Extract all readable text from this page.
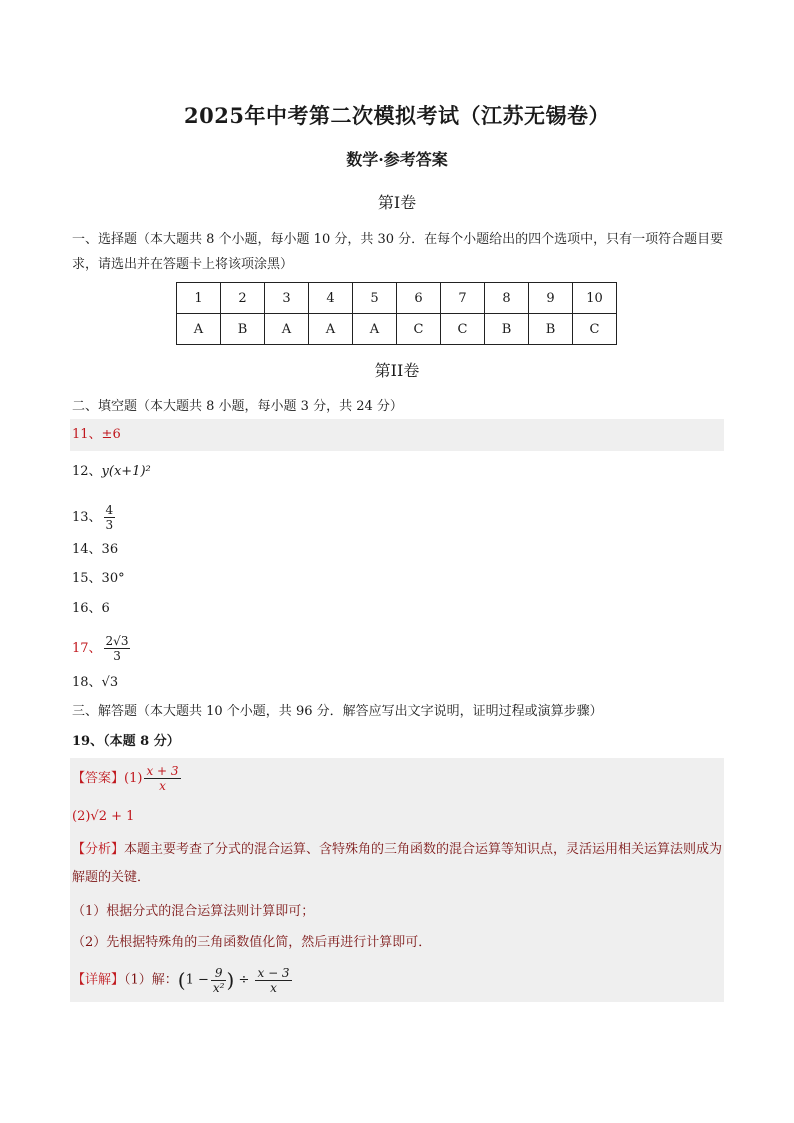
2025年中考第二次模拟考试（江苏无锡卷）
数学·参考答案
第Ⅰ卷
一、选择题（本大题共 8 个小题，每小题 10 分，共 30 分．在每个小题给出的四个选项中，只有一项符合题目要求，请选出并在答题卡上将该项涂黑）
1	2	3	4	5	6	7	8	9	10
A	B	A	A	A	C	C	B	B	C
第II卷
二、填空题（本大题共 8 小题，每小题 3 分，共 24 分）
11、±6
12、y(x+1)²
13、 $\frac{4}{3}$
14、36
15、30°
16、6
17、 $\frac{2√3}{3}$
18、√3
三、解答题（本大题共 10 个小题，共 96 分．解答应写出文字说明，证明过程或演算步骤）
19、（本题 8 分）
【答案】$(1) \frac{x + 3}{x}$
(2)√2 + 1
【分析】本题主要考查了分式的混合运算、含特殊角的三角函数的混合运算等知识点，灵活运用相关运算法则成为解题的关键．
（1）根据分式的混合运算法则计算即可；
（2）先根据特殊角的三角函数值化简，然后再进行计算即可．
【详解】（1）解：($1 - \frac{9}{\text{x²}}$ ) ÷ $\frac{x - 3}{x}$
